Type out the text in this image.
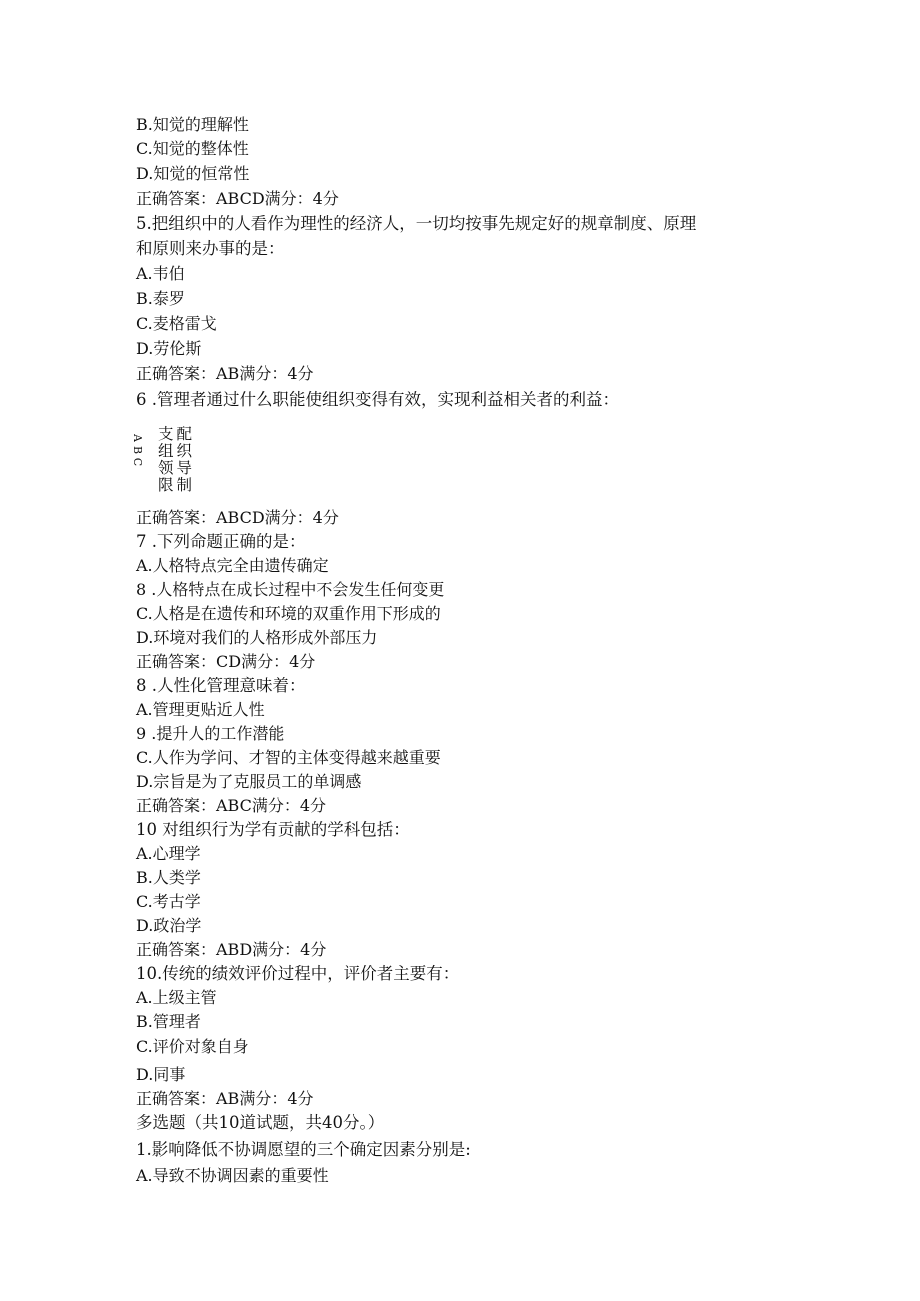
B.知觉的理解性
C.知觉的整体性
D.知觉的恒常性
正确答案：ABCD满分：4分
5.把组织中的人看作为理性的经济人，一切均按事先规定好的规章制度、原理
和原则来办事的是：
A.韦伯
B.泰罗
C.麦格雷戈
D.劳伦斯
正确答案：AB满分：4分
6 .管理者通过什么职能使组织变得有效，实现利益相关者的利益：
A
B
C
支配
组织
领导
限制
正确答案：ABCD满分：4分
7 .下列命题正确的是：
A.人格特点完全由遗传确定
8 .人格特点在成长过程中不会发生任何变更
C.人格是在遗传和环境的双重作用下形成的
D.环境对我们的人格形成外部压力
正确答案：CD满分：4分
8 .人性化管理意味着：
A.管理更贴近人性
9 .提升人的工作潜能
C.人作为学问、才智的主体变得越来越重要
D.宗旨是为了克服员工的单调感
正确答案：ABC满分：4分
10 对组织行为学有贡献的学科包括：
A.心理学
B.人类学
C.考古学
D.政治学
正确答案：ABD满分：4分
10.传统的绩效评价过程中，评价者主要有：
A.上级主管
B.管理者
C.评价对象自身
D.同事
正确答案：AB满分：4分
多选题（共10道试题，共40分。）
1.影响降低不协调愿望的三个确定因素分别是:
A.导致不协调因素的重要性
